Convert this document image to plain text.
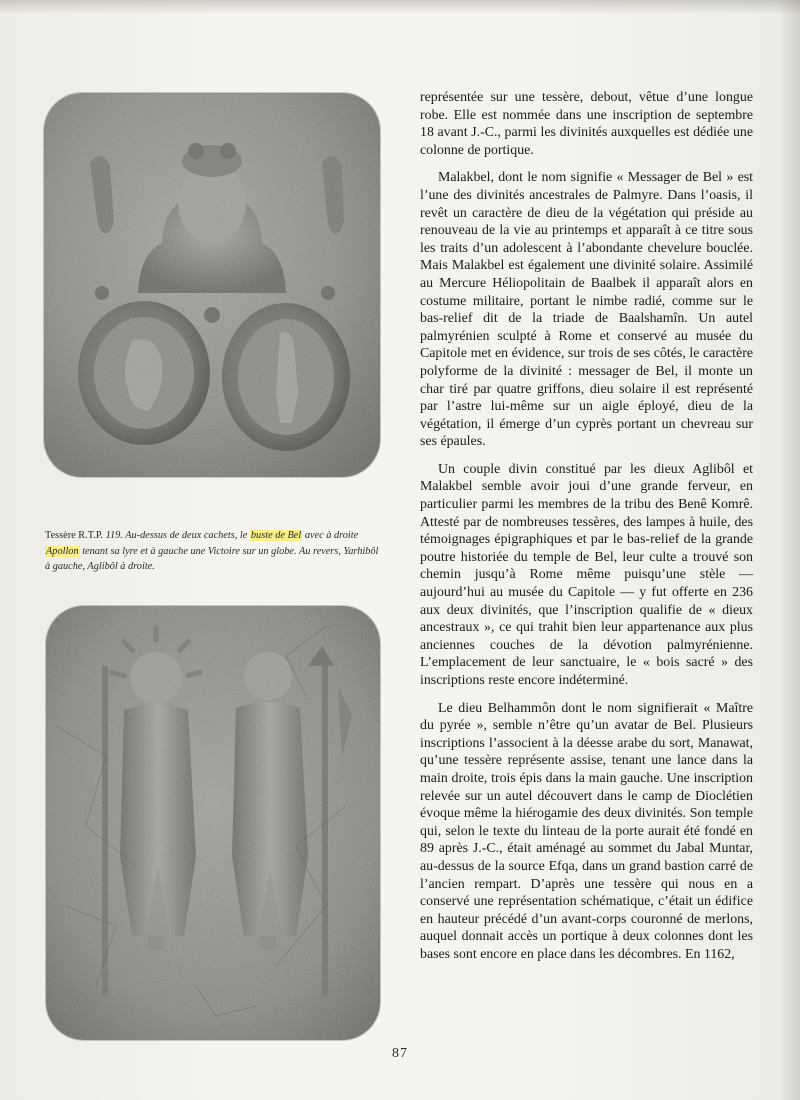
Tessère R.T.P. 119. Au-dessus de deux cachets, le buste de Bel avec à droite Apollon tenant sa lyre et à gauche une Victoire sur un globe. Au revers, Yarhibôl à gauche, Aglibôl à droite.

représentée sur une tessère, debout, vêtue d’une longue robe. Elle est nommée dans une inscription de septembre 18 avant J.-C., parmi les divinités auxquelles est dédiée une colonne de portique.

Malakbel, dont le nom signifie « Messager de Bel » est l’une des divinités ancestrales de Palmyre. Dans l’oasis, il revêt un caractère de dieu de la végétation qui préside au renouveau de la vie au printemps et apparaît à ce titre sous les traits d’un adolescent à l’abondante chevelure bouclée. Mais Malakbel est également une divinité solaire. Assimilé au Mercure Héliopolitain de Baalbek il apparaît alors en costume militaire, portant le nimbe radié, comme sur le bas-relief dit de la triade de Baalshamîn. Un autel palmyrénien sculpté à Rome et conservé au musée du Capitole met en évidence, sur trois de ses côtés, le caractère polyforme de la divinité : messager de Bel, il monte un char tiré par quatre griffons, dieu solaire il est représenté par l’astre lui-même sur un aigle éployé, dieu de la végétation, il émerge d’un cyprès portant un chevreau sur ses épaules.

Un couple divin constitué par les dieux Aglibôl et Malakbel semble avoir joui d’une grande ferveur, en particulier parmi les membres de la tribu des Benê Komrê. Attesté par de nombreuses tessères, des lampes à huile, des témoignages épigraphiques et par le bas-relief de la grande poutre historiée du temple de Bel, leur culte a trouvé son chemin jusqu’à Rome même puisqu’une stèle — aujourd’hui au musée du Capitole — y fut offerte en 236 aux deux divinités, que l’inscription qualifie de « dieux ancestraux », ce qui trahit bien leur appartenance aux plus anciennes couches de la dévotion palmyrénienne. L’emplacement de leur sanctuaire, le « bois sacré » des inscriptions reste encore indéterminé.

Le dieu Belhammôn dont le nom signifierait « Maître du pyrée », semble n’être qu’un avatar de Bel. Plusieurs inscriptions l’associent à la déesse arabe du sort, Manawat, qu’une tessère représente assise, tenant une lance dans la main droite, trois épis dans la main gauche. Une inscription relevée sur un autel découvert dans le camp de Dioclétien évoque même la hiérogamie des deux divinités. Son temple qui, selon le texte du linteau de la porte aurait été fondé en 89 après J.-C., était aménagé au sommet du Jabal Muntar, au-dessus de la source Efqa, dans un grand bastion carré de l’ancien rempart. D’après une tessère qui nous en a conservé une représentation schématique, c’était un édifice en hauteur précédé d’un avant-corps couronné de merlons, auquel donnait accès un portique à deux colonnes dont les bases sont encore en place dans les décombres. En 1162,

87
